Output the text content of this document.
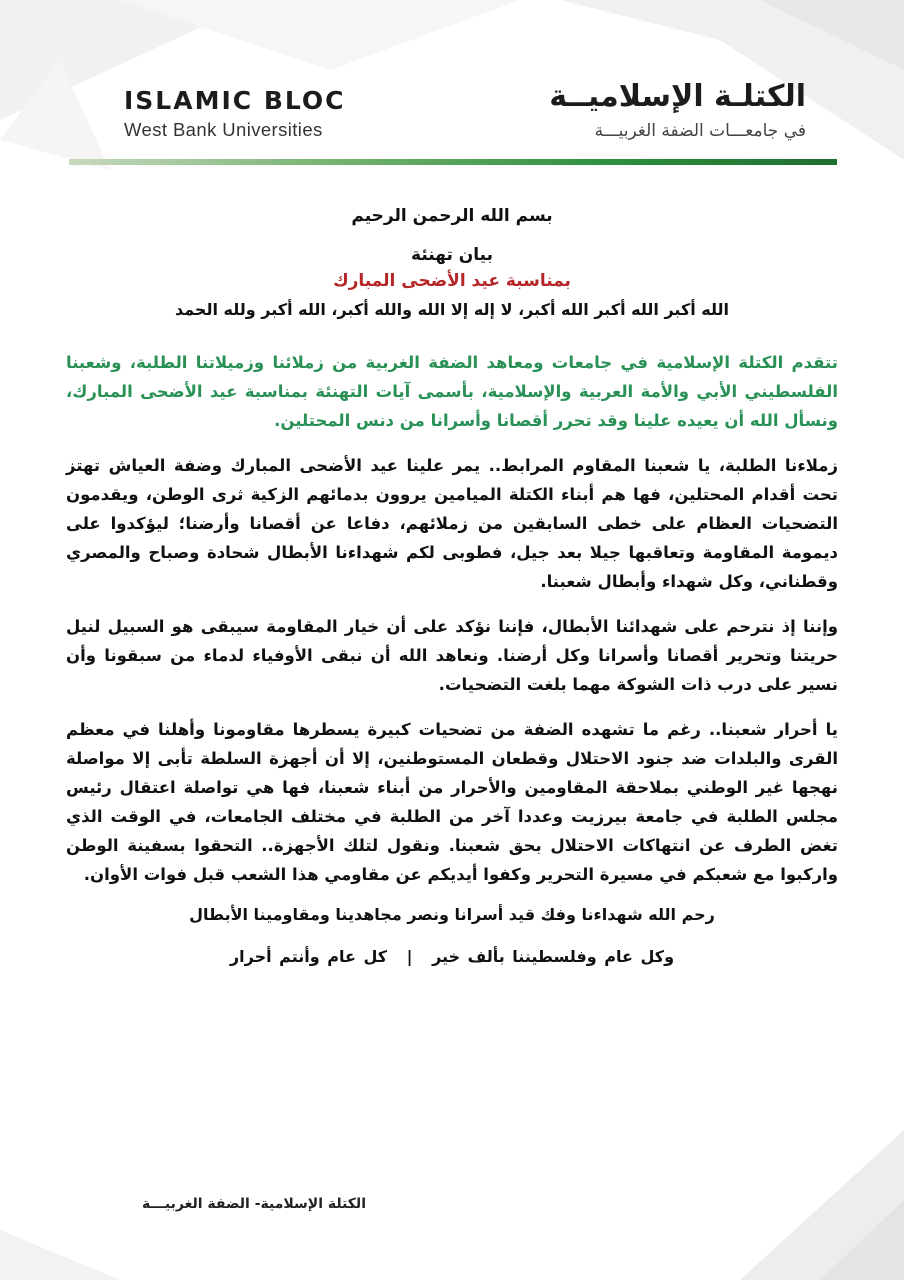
ISLAMIC BLOC
West Bank Universities
الكتلـة الإسلاميــة
في جامعـــات الضفة الغربيـــة
بسم الله الرحمن الرحيم
بيان تهنئة
بمناسبة عيد الأضحى المبارك
الله أكبر الله أكبر الله أكبر، لا إله إلا الله والله أكبر، الله أكبر ولله الحمد
تتقدم الكتلة الإسلامية في جامعات ومعاهد الضفة الغربية من زملائنا وزميلاتنا الطلبة، وشعبنا الفلسطيني الأبي والأمة العربية والإسلامية، بأسمى آيات التهنئة بمناسبة عيد الأضحى المبارك، ونسأل الله أن يعيده علينا وقد تحرر أقصانا وأسرانا من دنس المحتلين.
زملاءنا الطلبة، يا شعبنا المقاوم المرابط.. يمر علينا عيد الأضحى المبارك وضفة العياش تهتز تحت أقدام المحتلين، فها هم أبناء الكتلة الميامين يروون بدمائهم الزكية ثرى الوطن، ويقدمون التضحيات العظام على خطى السابقين من زملائهم، دفاعا عن أقصانا وأرضنا؛ ليؤكدوا على ديمومة المقاومة وتعاقبها جيلا بعد جيل، فطوبى لكم شهداءنا الأبطال شحادة وصباح والمصري وقطناني، وكل شهداء وأبطال شعبنا.
وإننا إذ نترحم على شهدائنا الأبطال، فإننا نؤكد على أن خيار المقاومة سيبقى هو السبيل لنيل حريتنا وتحرير أقصانا وأسرانا وكل أرضنا. ونعاهد الله أن نبقى الأوفياء لدماء من سبقونا وأن نسير على درب ذات الشوكة مهما بلغت التضحيات.
يا أحرار شعبنا.. رغم ما تشهده الضفة من تضحيات كبيرة يسطرها مقاومونا وأهلنا في معظم القرى والبلدات ضد جنود الاحتلال وقطعان المستوطنين، إلا أن أجهزة السلطة تأبى إلا مواصلة نهجها غير الوطني بملاحقة المقاومين والأحرار من أبناء شعبنا، فها هي تواصلة اعتقال رئيس مجلس الطلبة في جامعة بيرزيت وعددا آخر من الطلبة في مختلف الجامعات، في الوقت الذي تغض الطرف عن انتهاكات الاحتلال بحق شعبنا. ونقول لتلك الأجهزة.. التحقوا بسفينة الوطن واركبوا مع شعبكم في مسيرة التحرير وكفوا أيديكم عن مقاومي هذا الشعب قبل فوات الأوان.
رحم الله شهداءنا وفك قيد أسرانا ونصر مجاهدينا ومقاومينا الأبطال
وكل عام وفلسطيننا بألف خير | كل عام وأنتم أحرار
الكتلة الإسلامية- الضفة الغربيـــة
